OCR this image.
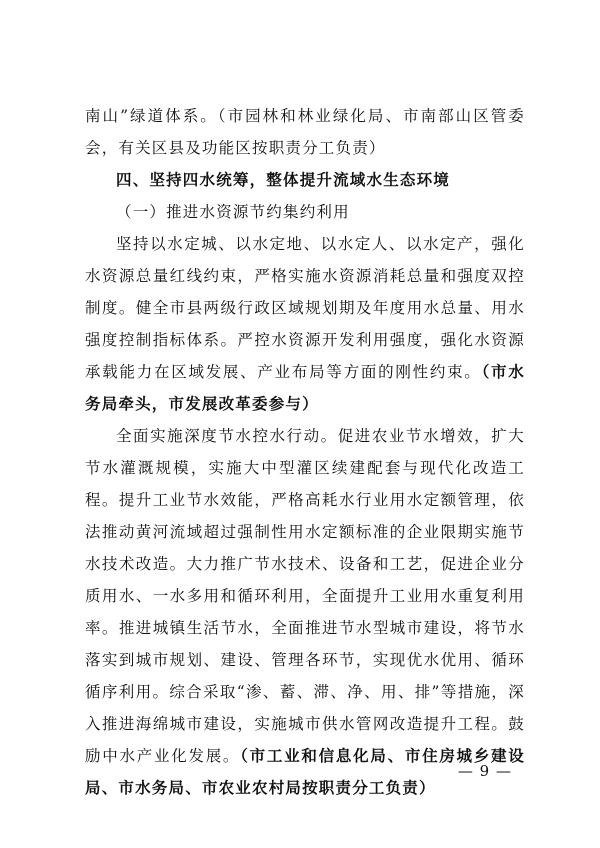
南山”绿道体系。（市园林和林业绿化局、市南部山区管委会，有关区县及功能区按职责分工负责）

四、坚持四水统筹，整体提升流域水生态环境

（一）推进水资源节约集约利用

坚持以水定城、以水定地、以水定人、以水定产，强化水资源总量红线约束，严格实施水资源消耗总量和强度双控制度。健全市县两级行政区域规划期及年度用水总量、用水强度控制指标体系。严控水资源开发利用强度，强化水资源承载能力在区域发展、产业布局等方面的刚性约束。（市水务局牵头，市发展改革委参与）

全面实施深度节水控水行动。促进农业节水增效，扩大节水灌溉规模，实施大中型灌区续建配套与现代化改造工程。提升工业节水效能，严格高耗水行业用水定额管理，依法推动黄河流域超过强制性用水定额标准的企业限期实施节水技术改造。大力推广节水技术、设备和工艺，促进企业分质用水、一水多用和循环利用，全面提升工业用水重复利用率。推进城镇生活节水，全面推进节水型城市建设，将节水落实到城市规划、建设、管理各环节，实现优水优用、循环循序利用。综合采取“渗、蓄、滞、净、用、排”等措施，深入推进海绵城市建设，实施城市供水管网改造提升工程。鼓励中水产业化发展。（市工业和信息化局、市住房城乡建设局、市水务局、市农业农村局按职责分工负责）

— 9 —
